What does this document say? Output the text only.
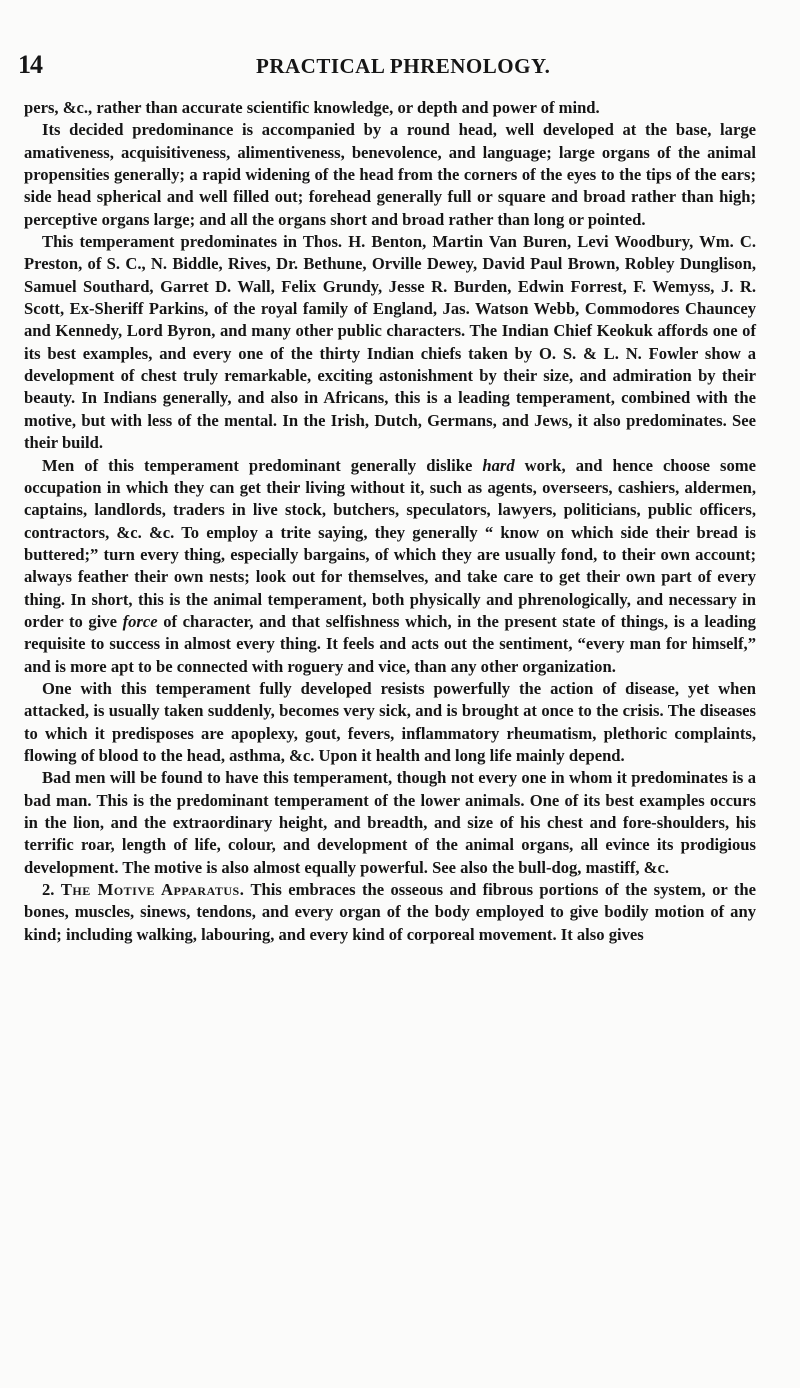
14	PRACTICAL PHRENOLOGY.

pers, &c., rather than accurate scientific knowledge, or depth and power of mind.

Its decided predominance is accompanied by a round head, well developed at the base, large amativeness, acquisitiveness, alimentiveness, benevolence, and language; large organs of the animal propensities generally; a rapid widening of the head from the corners of the eyes to the tips of the ears; side head spherical and well filled out; forehead generally full or square and broad rather than high; perceptive organs large; and all the organs short and broad rather than long or pointed.

This temperament predominates in Thos. H. Benton, Martin Van Buren, Levi Woodbury, Wm. C. Preston, of S. C., N. Biddle, Rives, Dr. Bethune, Orville Dewey, David Paul Brown, Robley Dunglison, Samuel Southard, Garret D. Wall, Felix Grundy, Jesse R. Burden, Edwin Forrest, F. Wemyss, J. R. Scott, Ex-Sheriff Parkins, of the royal family of England, Jas. Watson Webb, Commodores Chauncey and Kennedy, Lord Byron, and many other public characters. The Indian Chief Keokuk affords one of its best examples, and every one of the thirty Indian chiefs taken by O. S. & L. N. Fowler show a development of chest truly remarkable, exciting astonishment by their size, and admiration by their beauty. In Indians generally, and also in Africans, this is a leading temperament, combined with the motive, but with less of the mental. In the Irish, Dutch, Germans, and Jews, it also predominates. See their build.

Men of this temperament predominant generally dislike hard work, and hence choose some occupation in which they can get their living without it, such as agents, overseers, cashiers, aldermen, captains, landlords, traders in live stock, butchers, speculators, lawyers, politicians, public officers, contractors, &c. &c. To employ a trite saying, they generally “ know on which side their bread is buttered;” turn every thing, especially bargains, of which they are usually fond, to their own account; always feather their own nests; look out for themselves, and take care to get their own part of every thing. In short, this is the animal temperament, both physically and phrenologically, and necessary in order to give force of character, and that selfishness which, in the present state of things, is a leading requisite to success in almost every thing. It feels and acts out the sentiment, “every man for himself,” and is more apt to be connected with roguery and vice, than any other organization.

One with this temperament fully developed resists powerfully the action of disease, yet when attacked, is usually taken suddenly, becomes very sick, and is brought at once to the crisis. The diseases to which it predisposes are apoplexy, gout, fevers, inflammatory rheumatism, plethoric complaints, flowing of blood to the head, asthma, &c. Upon it health and long life mainly depend.

Bad men will be found to have this temperament, though not every one in whom it predominates is a bad man. This is the predominant temperament of the lower animals. One of its best examples occurs in the lion, and the extraordinary height, and breadth, and size of his chest and fore-shoulders, his terrific roar, length of life, colour, and development of the animal organs, all evince its prodigious development. The motive is also almost equally powerful. See also the bull-dog, mastiff, &c.

2. The Motive Apparatus. This embraces the osseous and fibrous portions of the system, or the bones, muscles, sinews, tendons, and every organ of the body employed to give bodily motion of any kind; including walking, labouring, and every kind of corporeal movement. It also gives
